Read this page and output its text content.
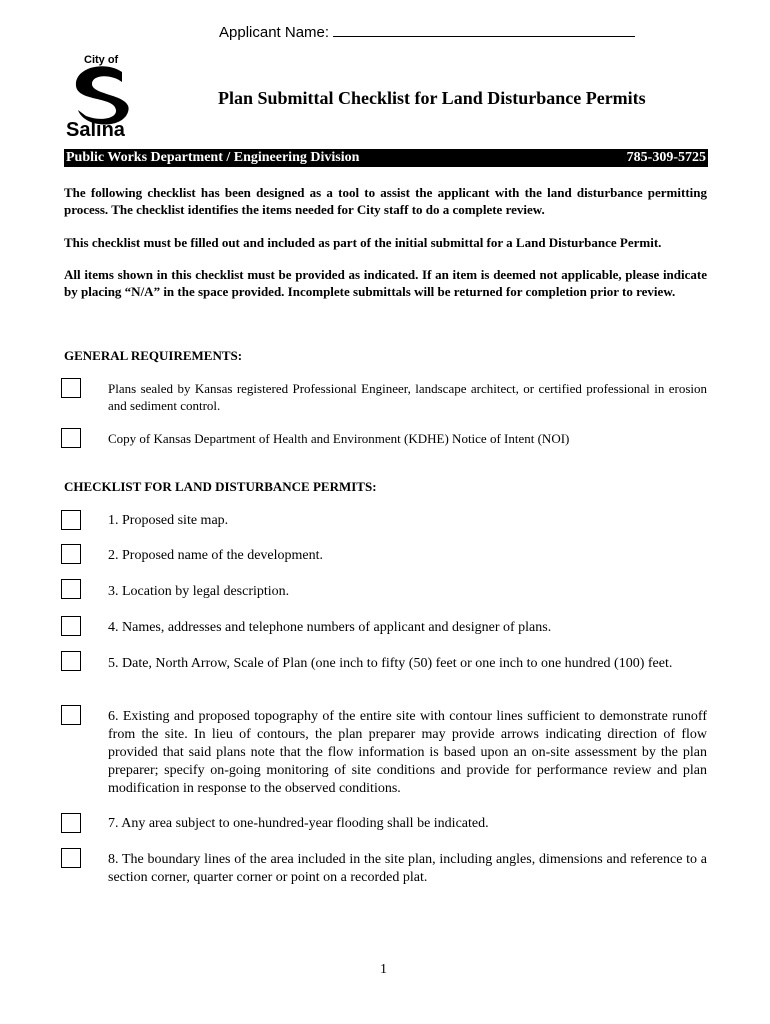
Applicant Name:
City of
Salina
Plan Submittal Checklist for Land Disturbance Permits
Public Works Department / Engineering Division	785-309-5725
The following checklist has been designed as a tool to assist the applicant with the land disturbance permitting process. The checklist identifies the items needed for City staff to do a complete review.
This checklist must be filled out and included as part of the initial submittal for a Land Disturbance Permit.
All items shown in this checklist must be provided as indicated. If an item is deemed not applicable, please indicate by placing “N/A” in the space provided. Incomplete submittals will be returned for completion prior to review.
GENERAL REQUIREMENTS:
Plans sealed by Kansas registered Professional Engineer, landscape architect, or certified professional in erosion and sediment control.
Copy of Kansas Department of Health and Environment (KDHE) Notice of Intent (NOI)
CHECKLIST FOR LAND DISTURBANCE PERMITS:
1. Proposed site map.
2. Proposed name of the development.
3. Location by legal description.
4. Names, addresses and telephone numbers of applicant and designer of plans.
5. Date, North Arrow, Scale of Plan (one inch to fifty (50) feet or one inch to one hundred (100) feet.
6. Existing and proposed topography of the entire site with contour lines sufficient to demonstrate runoff from the site. In lieu of contours, the plan preparer may provide arrows indicating direction of flow provided that said plans note that the flow information is based upon an on-site assessment by the plan preparer; specify on-going monitoring of site conditions and provide for performance review and plan modification in response to the observed conditions.
7. Any area subject to one-hundred-year flooding shall be indicated.
8. The boundary lines of the area included in the site plan, including angles, dimensions and reference to a section corner, quarter corner or point on a recorded plat.
1
